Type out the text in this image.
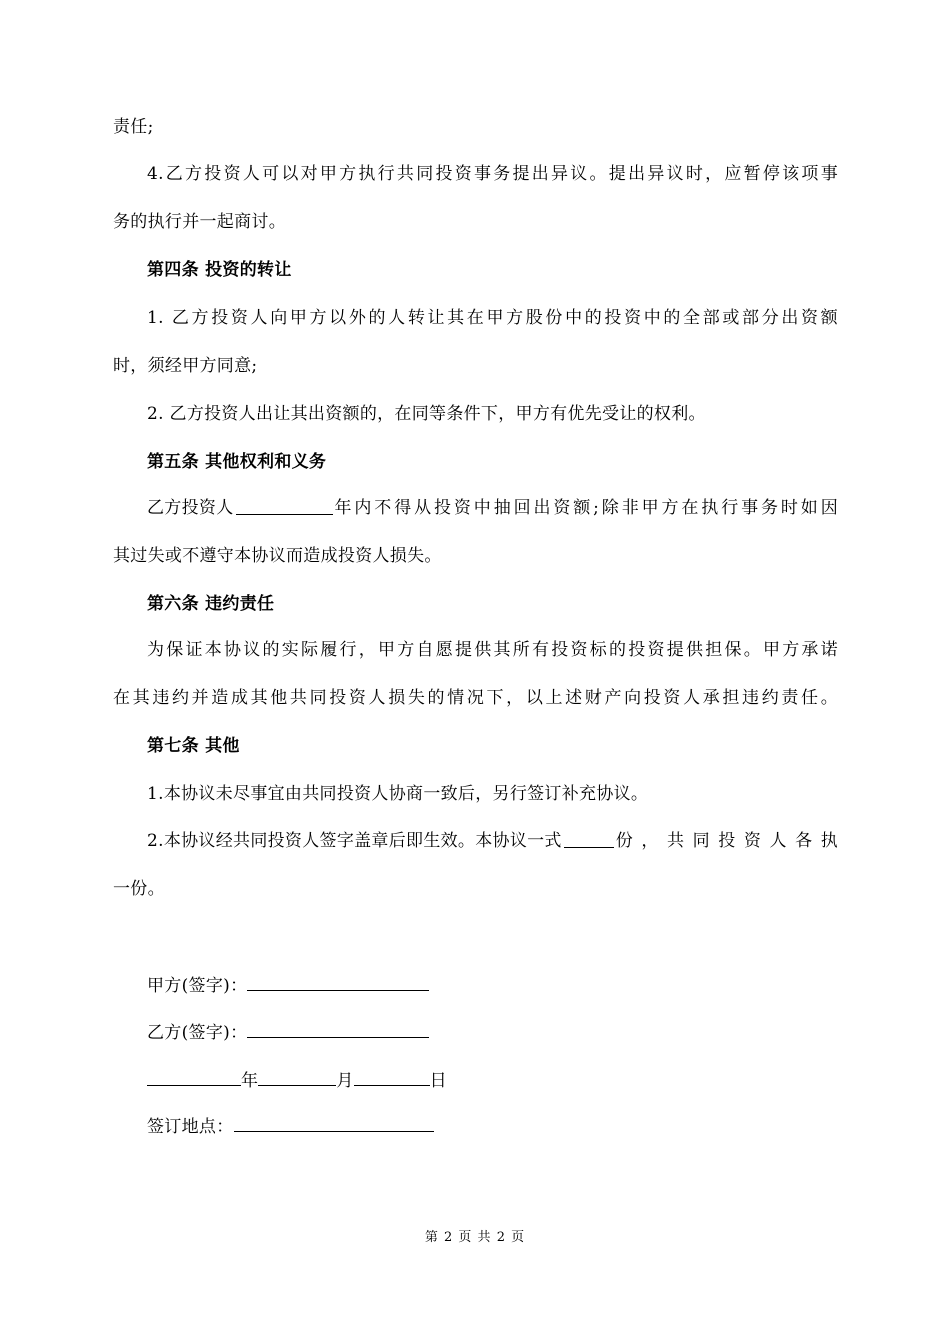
责任;
4.乙方投资人可以对甲方执行共同投资事务提出异议。提出异议时，应暂停该项事
务的执行并一起商讨。
第四条 投资的转让
1. 乙方投资人向甲方以外的人转让其在甲方股份中的投资中的全部或部分出资额
时，须经甲方同意;
2. 乙方投资人出让其出资额的，在同等条件下，甲方有优先受让的权利。
第五条 其他权利和义务
乙方投资人	年内不得从投资中抽回出资额;除非甲方在执行事务时如因
其过失或不遵守本协议而造成投资人损失。
第六条 违约责任
为保证本协议的实际履行，甲方自愿提供其所有投资标的投资提供担保。甲方承诺
在其违约并造成其他共同投资人损失的情况下，以上述财产向投资人承担违约责任。
第七条 其他
1.本协议未尽事宜由共同投资人协商一致后，另行签订补充协议。
2.本协议经共同投资人签字盖章后即生效。本协议一式	份，共同投资人各执
一份。
甲方(签字)：
乙方(签字)：
年	月	日
签订地点：
第 2 页 共 2 页
